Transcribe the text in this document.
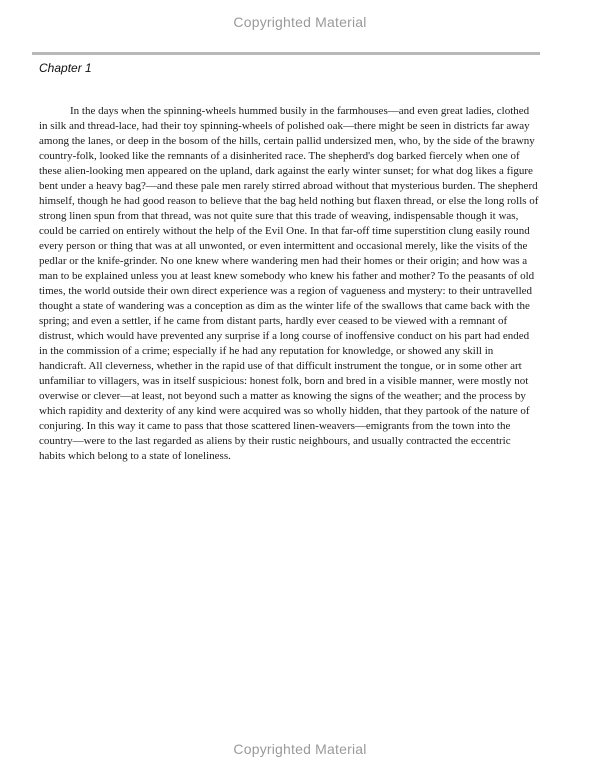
Copyrighted Material
Chapter 1

In the days when the spinning-wheels hummed busily in the farmhouses—and even great ladies, clothed in silk and thread-lace, had their toy spinning-wheels of polished oak—there might be seen in districts far away among the lanes, or deep in the bosom of the hills, certain pallid undersized men, who, by the side of the brawny country-folk, looked like the remnants of a disinherited race. The shepherd's dog barked fiercely when one of these alien-looking men appeared on the upland, dark against the early winter sunset; for what dog likes a figure bent under a heavy bag?—and these pale men rarely stirred abroad without that mysterious burden. The shepherd himself, though he had good reason to believe that the bag held nothing but flaxen thread, or else the long rolls of strong linen spun from that thread, was not quite sure that this trade of weaving, indispensable though it was, could be carried on entirely without the help of the Evil One. In that far-off time superstition clung easily round every person or thing that was at all unwonted, or even intermittent and occasional merely, like the visits of the pedlar or the knife-grinder. No one knew where wandering men had their homes or their origin; and how was a man to be explained unless you at least knew somebody who knew his father and mother? To the peasants of old times, the world outside their own direct experience was a region of vagueness and mystery: to their untravelled thought a state of wandering was a conception as dim as the winter life of the swallows that came back with the spring; and even a settler, if he came from distant parts, hardly ever ceased to be viewed with a remnant of distrust, which would have prevented any surprise if a long course of inoffensive conduct on his part had ended in the commission of a crime; especially if he had any reputation for knowledge, or showed any skill in handicraft. All cleverness, whether in the rapid use of that difficult instrument the tongue, or in some other art unfamiliar to villagers, was in itself suspicious: honest folk, born and bred in a visible manner, were mostly not overwise or clever—at least, not beyond such a matter as knowing the signs of the weather; and the process by which rapidity and dexterity of any kind were acquired was so wholly hidden, that they partook of the nature of conjuring. In this way it came to pass that those scattered linen-weavers—emigrants from the town into the country—were to the last regarded as aliens by their rustic neighbours, and usually contracted the eccentric habits which belong to a state of loneliness.

Copyrighted Material
